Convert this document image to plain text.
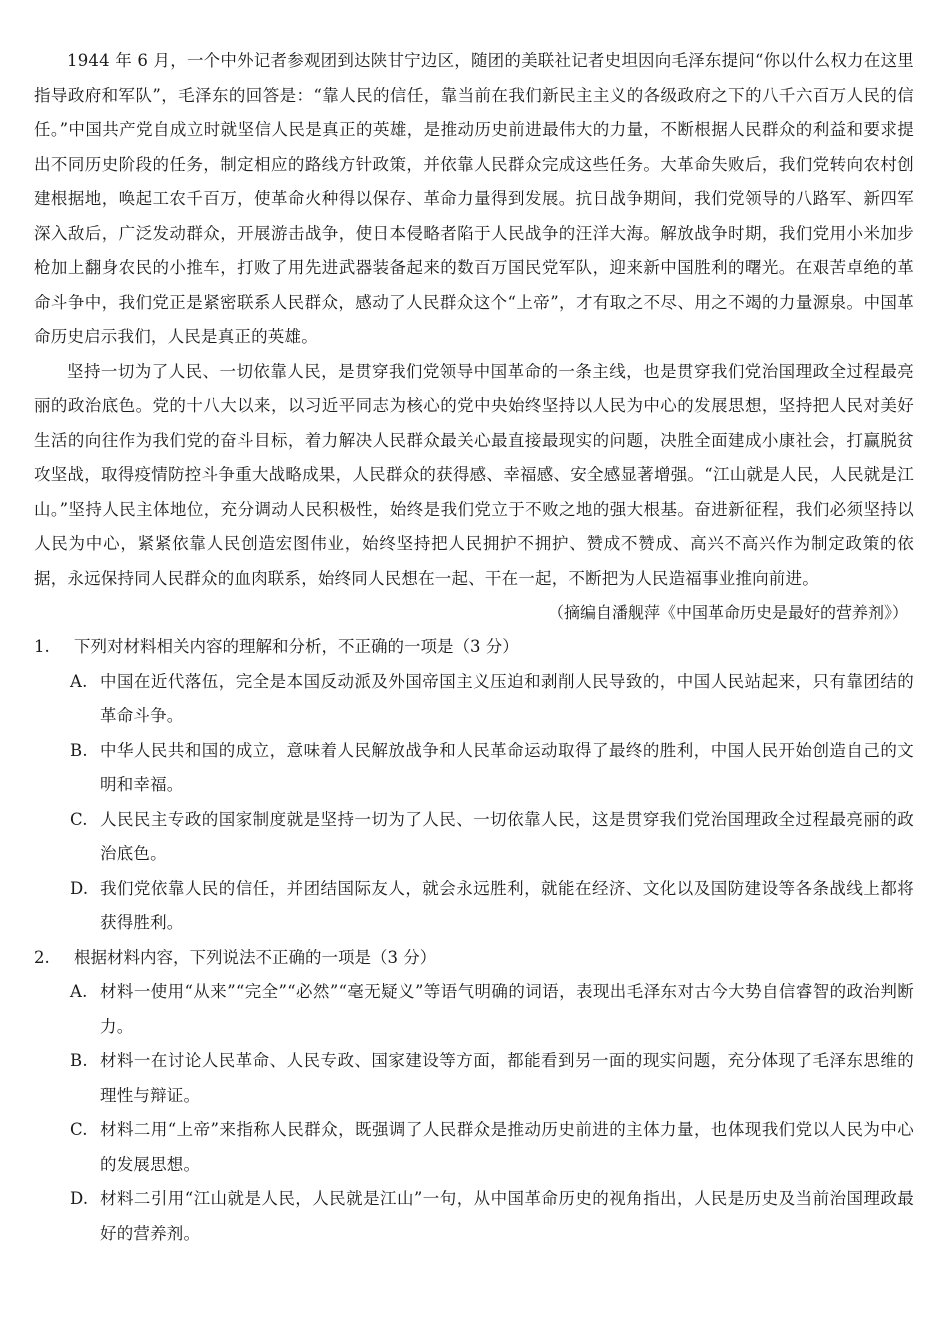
1944 年 6 月，一个中外记者参观团到达陕甘宁边区，随团的美联社记者史坦因向毛泽东提问“你以什么权力在这里指导政府和军队”，毛泽东的回答是：“靠人民的信任，靠当前在我们新民主主义的各级政府之下的八千六百万人民的信任。”中国共产党自成立时就坚信人民是真正的英雄，是推动历史前进最伟大的力量，不断根据人民群众的利益和要求提出不同历史阶段的任务，制定相应的路线方针政策，并依靠人民群众完成这些任务。大革命失败后，我们党转向农村创建根据地，唤起工农千百万，使革命火种得以保存、革命力量得到发展。抗日战争期间，我们党领导的八路军、新四军深入敌后，广泛发动群众，开展游击战争，使日本侵略者陷于人民战争的汪洋大海。解放战争时期，我们党用小米加步枪加上翻身农民的小推车，打败了用先进武器装备起来的数百万国民党军队，迎来新中国胜利的曙光。在艰苦卓绝的革命斗争中，我们党正是紧密联系人民群众，感动了人民群众这个“上帝”，才有取之不尽、用之不竭的力量源泉。中国革命历史启示我们，人民是真正的英雄。

坚持一切为了人民、一切依靠人民，是贯穿我们党领导中国革命的一条主线，也是贯穿我们党治国理政全过程最亮丽的政治底色。党的十八大以来，以习近平同志为核心的党中央始终坚持以人民为中心的发展思想，坚持把人民对美好生活的向往作为我们党的奋斗目标，着力解决人民群众最关心最直接最现实的问题，决胜全面建成小康社会，打赢脱贫攻坚战，取得疫情防控斗争重大战略成果，人民群众的获得感、幸福感、安全感显著增强。“江山就是人民，人民就是江山。”坚持人民主体地位，充分调动人民积极性，始终是我们党立于不败之地的强大根基。奋进新征程，我们必须坚持以人民为中心，紧紧依靠人民创造宏图伟业，始终坚持把人民拥护不拥护、赞成不赞成、高兴不高兴作为制定政策的依据，永远保持同人民群众的血肉联系，始终同人民想在一起、干在一起，不断把为人民造福事业推向前进。

（摘编自潘舰萍《中国革命历史是最好的营养剂》）

1. 下列对材料相关内容的理解和分析，不正确的一项是（3 分）

A. 中国在近代落伍，完全是本国反动派及外国帝国主义压迫和剥削人民导致的，中国人民站起来，只有靠团结的革命斗争。

B. 中华人民共和国的成立，意味着人民解放战争和人民革命运动取得了最终的胜利，中国人民开始创造自己的文明和幸福。

C. 人民民主专政的国家制度就是坚持一切为了人民、一切依靠人民，这是贯穿我们党治国理政全过程最亮丽的政治底色。

D. 我们党依靠人民的信任，并团结国际友人，就会永远胜利，就能在经济、文化以及国防建设等各条战线上都将获得胜利。

2. 根据材料内容，下列说法不正确的一项是（3 分）

A. 材料一使用“从来”“完全”“必然”“毫无疑义”等语气明确的词语，表现出毛泽东对古今大势自信睿智的政治判断力。

B. 材料一在讨论人民革命、人民专政、国家建设等方面，都能看到另一面的现实问题，充分体现了毛泽东思维的理性与辩证。

C. 材料二用“上帝”来指称人民群众，既强调了人民群众是推动历史前进的主体力量，也体现我们党以人民为中心的发展思想。

D. 材料二引用“江山就是人民，人民就是江山”一句，从中国革命历史的视角指出，人民是历史及当前治国理政最好的营养剂。
